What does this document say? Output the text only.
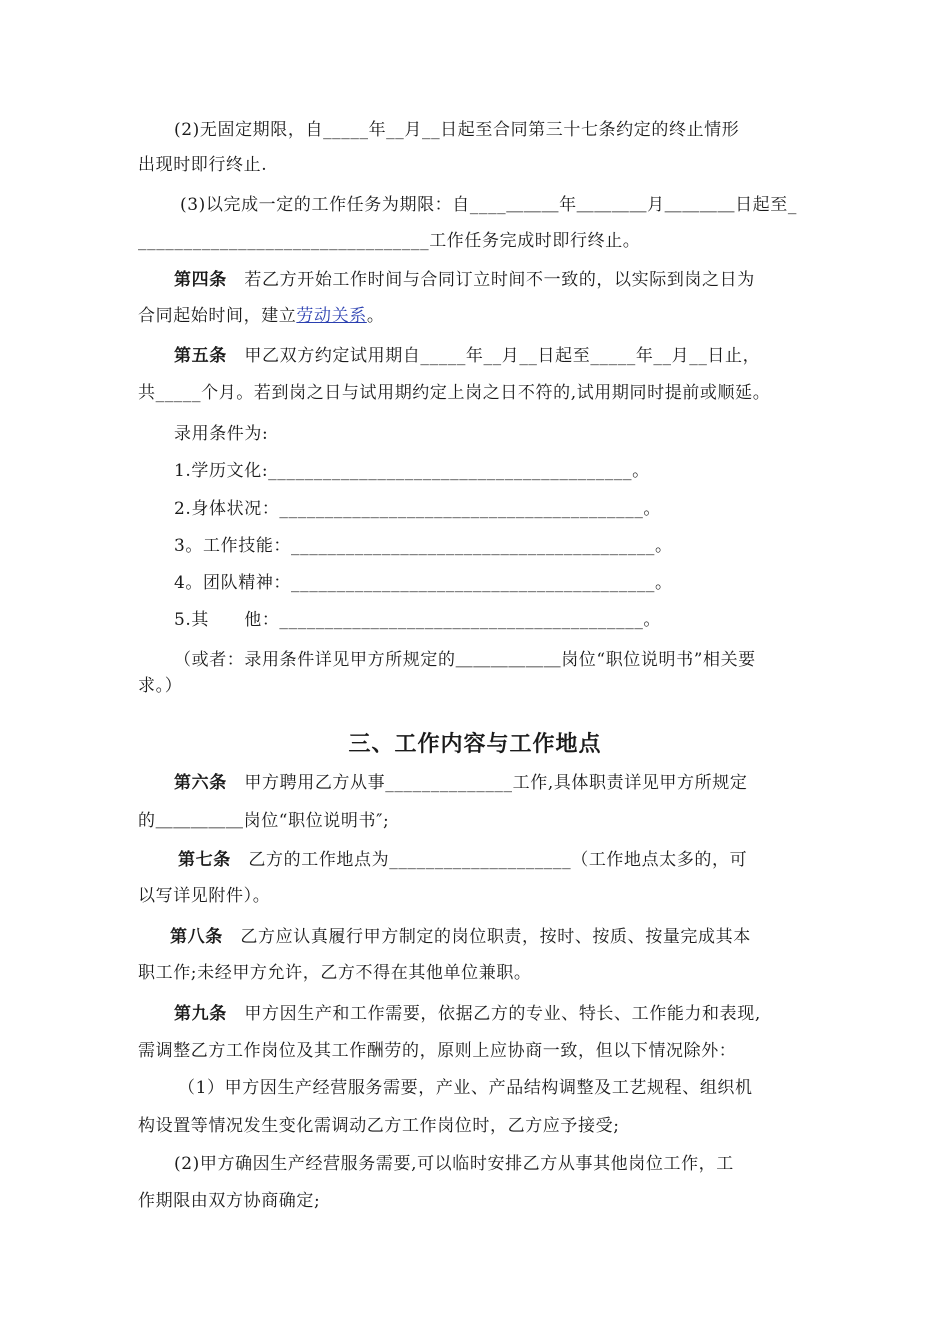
(2)无固定期限，自_____年__月__日起至合同第三十七条约定的终止情形
出现时即行终止.
(3)以完成一定的工作任务为期限：自____＿＿＿年＿＿＿＿月＿＿＿＿日起至_
________________________________工作任务完成时即行终止。
第四条　 若乙方开始工作时间与合同订立时间不一致的，以实际到岗之日为
合同起始时间，建立劳动关系。
第五条　 甲乙双方约定试用期自_____年__月__日起至_____年__月__日止，
共_____个月。若到岗之日与试用期约定上岗之日不符的,试用期同时提前或顺延。
录用条件为:
1.学历文化:________________________________________。
2.身体状况：________________________________________。
3。工作技能：________________________________________。
4。团队精神：________________________________________。
5.其　　他：________________________________________。
（或者：录用条件详见甲方所规定的＿＿＿＿＿＿岗位“职位说明书”相关要
求。）
三、工作内容与工作地点
第六条　 甲方聘用乙方从事______________工作,具体职责详见甲方所规定
的＿＿＿＿＿岗位“职位说明书″;
第七条　 乙方的工作地点为____________________（工作地点太多的，可
以写详见附件）。
第八条　 乙方应认真履行甲方制定的岗位职责，按时、按质、按量完成其本
职工作;未经甲方允许，乙方不得在其他单位兼职。
第九条　 甲方因生产和工作需要，依据乙方的专业、特长、工作能力和表现,
需调整乙方工作岗位及其工作酬劳的，原则上应协商一致，但以下情况除外：
（1）甲方因生产经营服务需要，产业、产品结构调整及工艺规程、组织机
构设置等情况发生变化需调动乙方工作岗位时，乙方应予接受;
(2)甲方确因生产经营服务需要,可以临时安排乙方从事其他岗位工作，工
作期限由双方协商确定;
